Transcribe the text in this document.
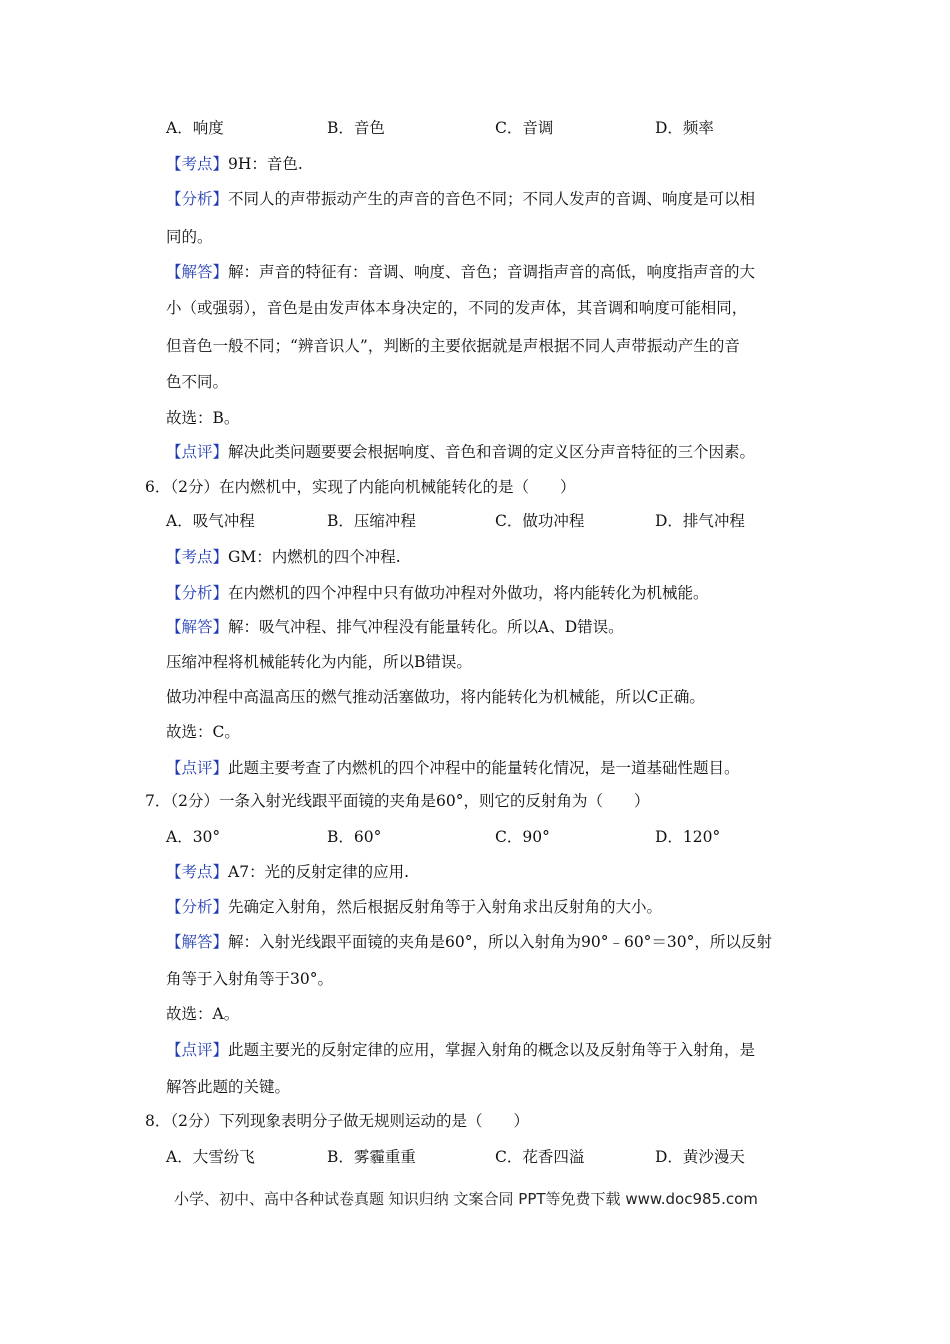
A．响度	B．音色	C．音调	D．频率
【考点】9H：音色.
【分析】不同人的声带振动产生的声音的音色不同；不同人发声的音调、响度是可以相
同的。
【解答】解：声音的特征有：音调、响度、音色；音调指声音的高低，响度指声音的大
小（或强弱），音色是由发声体本身决定的，不同的发声体，其音调和响度可能相同，
但音色一般不同；“辨音识人”，判断的主要依据就是声根据不同人声带振动产生的音
色不同。
故选：B。
【点评】解决此类问题要要会根据响度、音色和音调的定义区分声音特征的三个因素。
6．（2分）在内燃机中，实现了内能向机械能转化的是（　　）
A．吸气冲程	B．压缩冲程	C．做功冲程	D．排气冲程
【考点】GM：内燃机的四个冲程.
【分析】在内燃机的四个冲程中只有做功冲程对外做功，将内能转化为机械能。
【解答】解：吸气冲程、排气冲程没有能量转化。所以A、D错误。
压缩冲程将机械能转化为内能，所以B错误。
做功冲程中高温高压的燃气推动活塞做功，将内能转化为机械能，所以C正确。
故选：C。
【点评】此题主要考查了内燃机的四个冲程中的能量转化情况，是一道基础性题目。
7．（2分）一条入射光线跟平面镜的夹角是60°，则它的反射角为（　　）
A．30°	B．60°	C．90°	D．120°
【考点】A7：光的反射定律的应用.
【分析】先确定入射角，然后根据反射角等于入射角求出反射角的大小。
【解答】解：入射光线跟平面镜的夹角是60°，所以入射角为90°﹣60°＝30°，所以反射
角等于入射角等于30°。
故选：A。
【点评】此题主要光的反射定律的应用，掌握入射角的概念以及反射角等于入射角，是
解答此题的关键。
8．（2分）下列现象表明分子做无规则运动的是（　　）
A．大雪纷飞	B．雾霾重重	C．花香四溢	D．黄沙漫天
小学、初中、高中各种试卷真题 知识归纳 文案合同 PPT等免费下载 www.doc985.com
